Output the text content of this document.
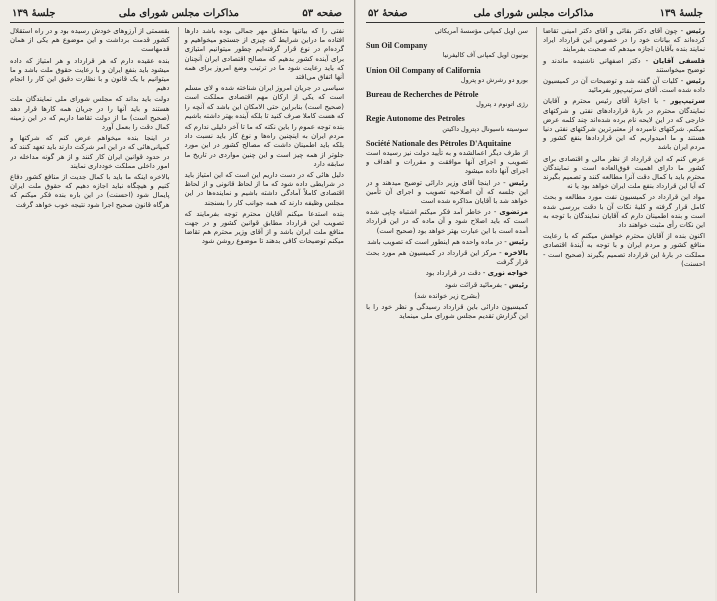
صفحه ۵۳
مذاکرات مجلس شورای ملی
جلسهٔ ۱۳۹

نفتی را که بیاتنها متعلق مهر جمالی بوده باشد دارها افتاده ما دراین شرایط که چیزی از جستجو میخواهیم و گرده‌ام در نوع قرار گرفته‌ایم چطور میتوانیم امتیازی برای آینده کشور بدهیم که مصالح اقتصادی ایران آنچنان که باید رعایت شود ما در ترتیب وضع امروز برای همه آنها اتفاق می‌افتد

سیاسی در جریان امروز ایران شناخته شده و لای مسلم است که یکی از ارکان مهم اقتصادی مملکت است (صحیح است) بنابراین حتی الامکان این باشد که آنچه را که هست کاملا صرف کنید تا بلکه آینده بهتر داشته باشیم

بنده توجه عموم را باین نکته که ما تا آخر دلیلی ندارم که مردم ایران به اینچنین راه‌ها و نوع کار باید نسبت داد بلکه باید اطمینان داشت که مصالح کشور در این مورد جلوتر از همه چیز است و این چنین مواردی در تاریخ ما سابقه دارد

دلیل هائی که در دست داریم این است که این امتیاز باید در شرایطی داده شود که ما از لحاظ قانونی و از لحاظ اقتصادی کاملاً آمادگی داشته باشیم و نماینده‌ها در این مجلس وظیفه دارند که همه جوانب کار را بسنجند

بنده استدعا میکنم آقایان محترم توجه بفرمایند که تصویب این قرارداد مطابق قوانین کشور و در جهت منافع ملت ایران باشد و از آقای وزیر محترم هم تقاضا میکنم توضیحات کافی بدهند تا موضوع روشن شود

بقسمتی از آرزوهای خودش رسیده بود و در راه استقلال کشور قدمت برداشت و این موضوع هم یکی از همان قدمهاست

بنده عقیده دارم که هر قرارداد و هر امتیاز که داده میشود باید بنفع ایران و با رعایت حقوق ملت باشد و ما میتوانیم با یک قانون و با نظارت دقیق این کار را انجام دهیم

دولت باید بداند که مجلس شورای ملی نمایندگان ملت هستند و باید آنها را در جریان همه کارها قرار دهد (صحیح است) ما از دولت تقاضا داریم که در این زمینه کمال دقت را بعمل آورد

در اینجا بنده میخواهم عرض کنم که شرکتها و کمپانی‌هائی که در این امر شرکت دارند باید تعهد کنند که در حدود قوانین ایران کار کنند و از هر گونه مداخله در امور داخلی مملکت خودداری نمایند

بالاخره اینکه ما باید با کمال جدیت از منافع کشور دفاع کنیم و هیچگاه نباید اجازه دهیم که حقوق ملت ایران پایمال شود (احسنت) در این باره بنده فکر میکنم که هرگاه قانون صحیح اجرا شود نتیجه خوب خواهد گرفت

جلسهٔ ۱۳۹
مذاکرات مجلس شورای ملی
صفحهٔ ۵۲

رئیس - چون آقای دکتر بقائی و آقای دکتر امینی تقاضا کرده‌اند که بیانات خود را در خصوص این قرارداد ایراد نمایند بنده بآقایان اجازه میدهم که صحبت بفرمایند

فلسفی آقایان - دکتر اصفهانی ناشنیده ماندند و توضیح میخواستند

رئیس - کلیات آن گفته شد و توضیحات آن در کمیسیون داده شده است. آقای سرتیپ‌پور بفرمائید

سرتیپ‌پور - با اجازهٔ آقای رئیس محترم و آقایان نمایندگان محترم در بارهٔ قراردادهای نفتی و شرکتهای خارجی که در این لایحه نام برده شده‌اند چند کلمه عرض میکنم. شرکتهای نامبرده از معتبرترین شرکتهای نفتی دنیا هستند و ما امیدواریم که این قراردادها بنفع کشور و مردم ایران باشد

عرض کنم که این قرارداد از نظر مالی و اقتصادی برای کشور ما دارای اهمیت فوق‌العاده است و نمایندگان محترم باید با کمال دقت آنرا مطالعه کنند و تصمیم بگیرند که آیا این قرارداد بنفع ملت ایران خواهد بود یا نه

مواد این قرارداد در کمیسیون نفت مورد مطالعه و بحث کامل قرار گرفته و کلیهٔ نکات آن با دقت بررسی شده است و بنده اطمینان دارم که آقایان نمایندگان با توجه به این نکات رأی مثبت خواهند داد

اکنون بنده از آقایان محترم خواهش میکنم که با رعایت منافع کشور و مردم ایران و با توجه به آیندهٔ اقتصادی مملکت در بارهٔ این قرارداد تصمیم بگیرند (صحیح است - احسنت)

سن اویل کمپانی مؤسسهٔ آمریکائی
Sun Oil Company
یونیون اویل کمپانی آف کالیفرنیا
Union Oil Company of California
بورو دو رشرش دو پترول
Bureau de Recherches de Pétrole
رژی اتونوم د پترول
Regie Autonome des Petroles
سوسیته ناسیونال دپترول داکیتن
Société Nationale des Pétroles D'Aquitaine

از طرف دیگر اعمالشده و به تأیید دولت نیز رسیده است تصویب و اجرای آنها موافقت و مقررات و اهداف و اجرای آنها داده میشود

رئیس - در اینجا آقای وزیر دارائی توضیح میدهند و در این جلسه که آن اصلاحیه تصویب و اجرای آن تأمین خواهد شد با آقایان مذاکره شده است

مرتضوی - در خاطر آمد فکر میکنم اشتباه چاپی شده است که باید اصلاح شود و آن ماده که در این قرارداد آمده است با این عبارت بهتر خواهد بود (صحیح است)

رئیس - در ماده واحده هم اینطور است که تصویب باشد

بالاخره - مرکز این قرارداد در کمیسیون هم مورد بحث قرار گرفت

خواجه نوری - دقت در قرارداد بود

رئیس - بفرمائید قرائت شود

(بشرح زیر خوانده شد)

کمیسیون دارائی باین قرارداد رسیدگی و نظر خود را با این گزارش تقدیم مجلس شورای ملی مینماید
